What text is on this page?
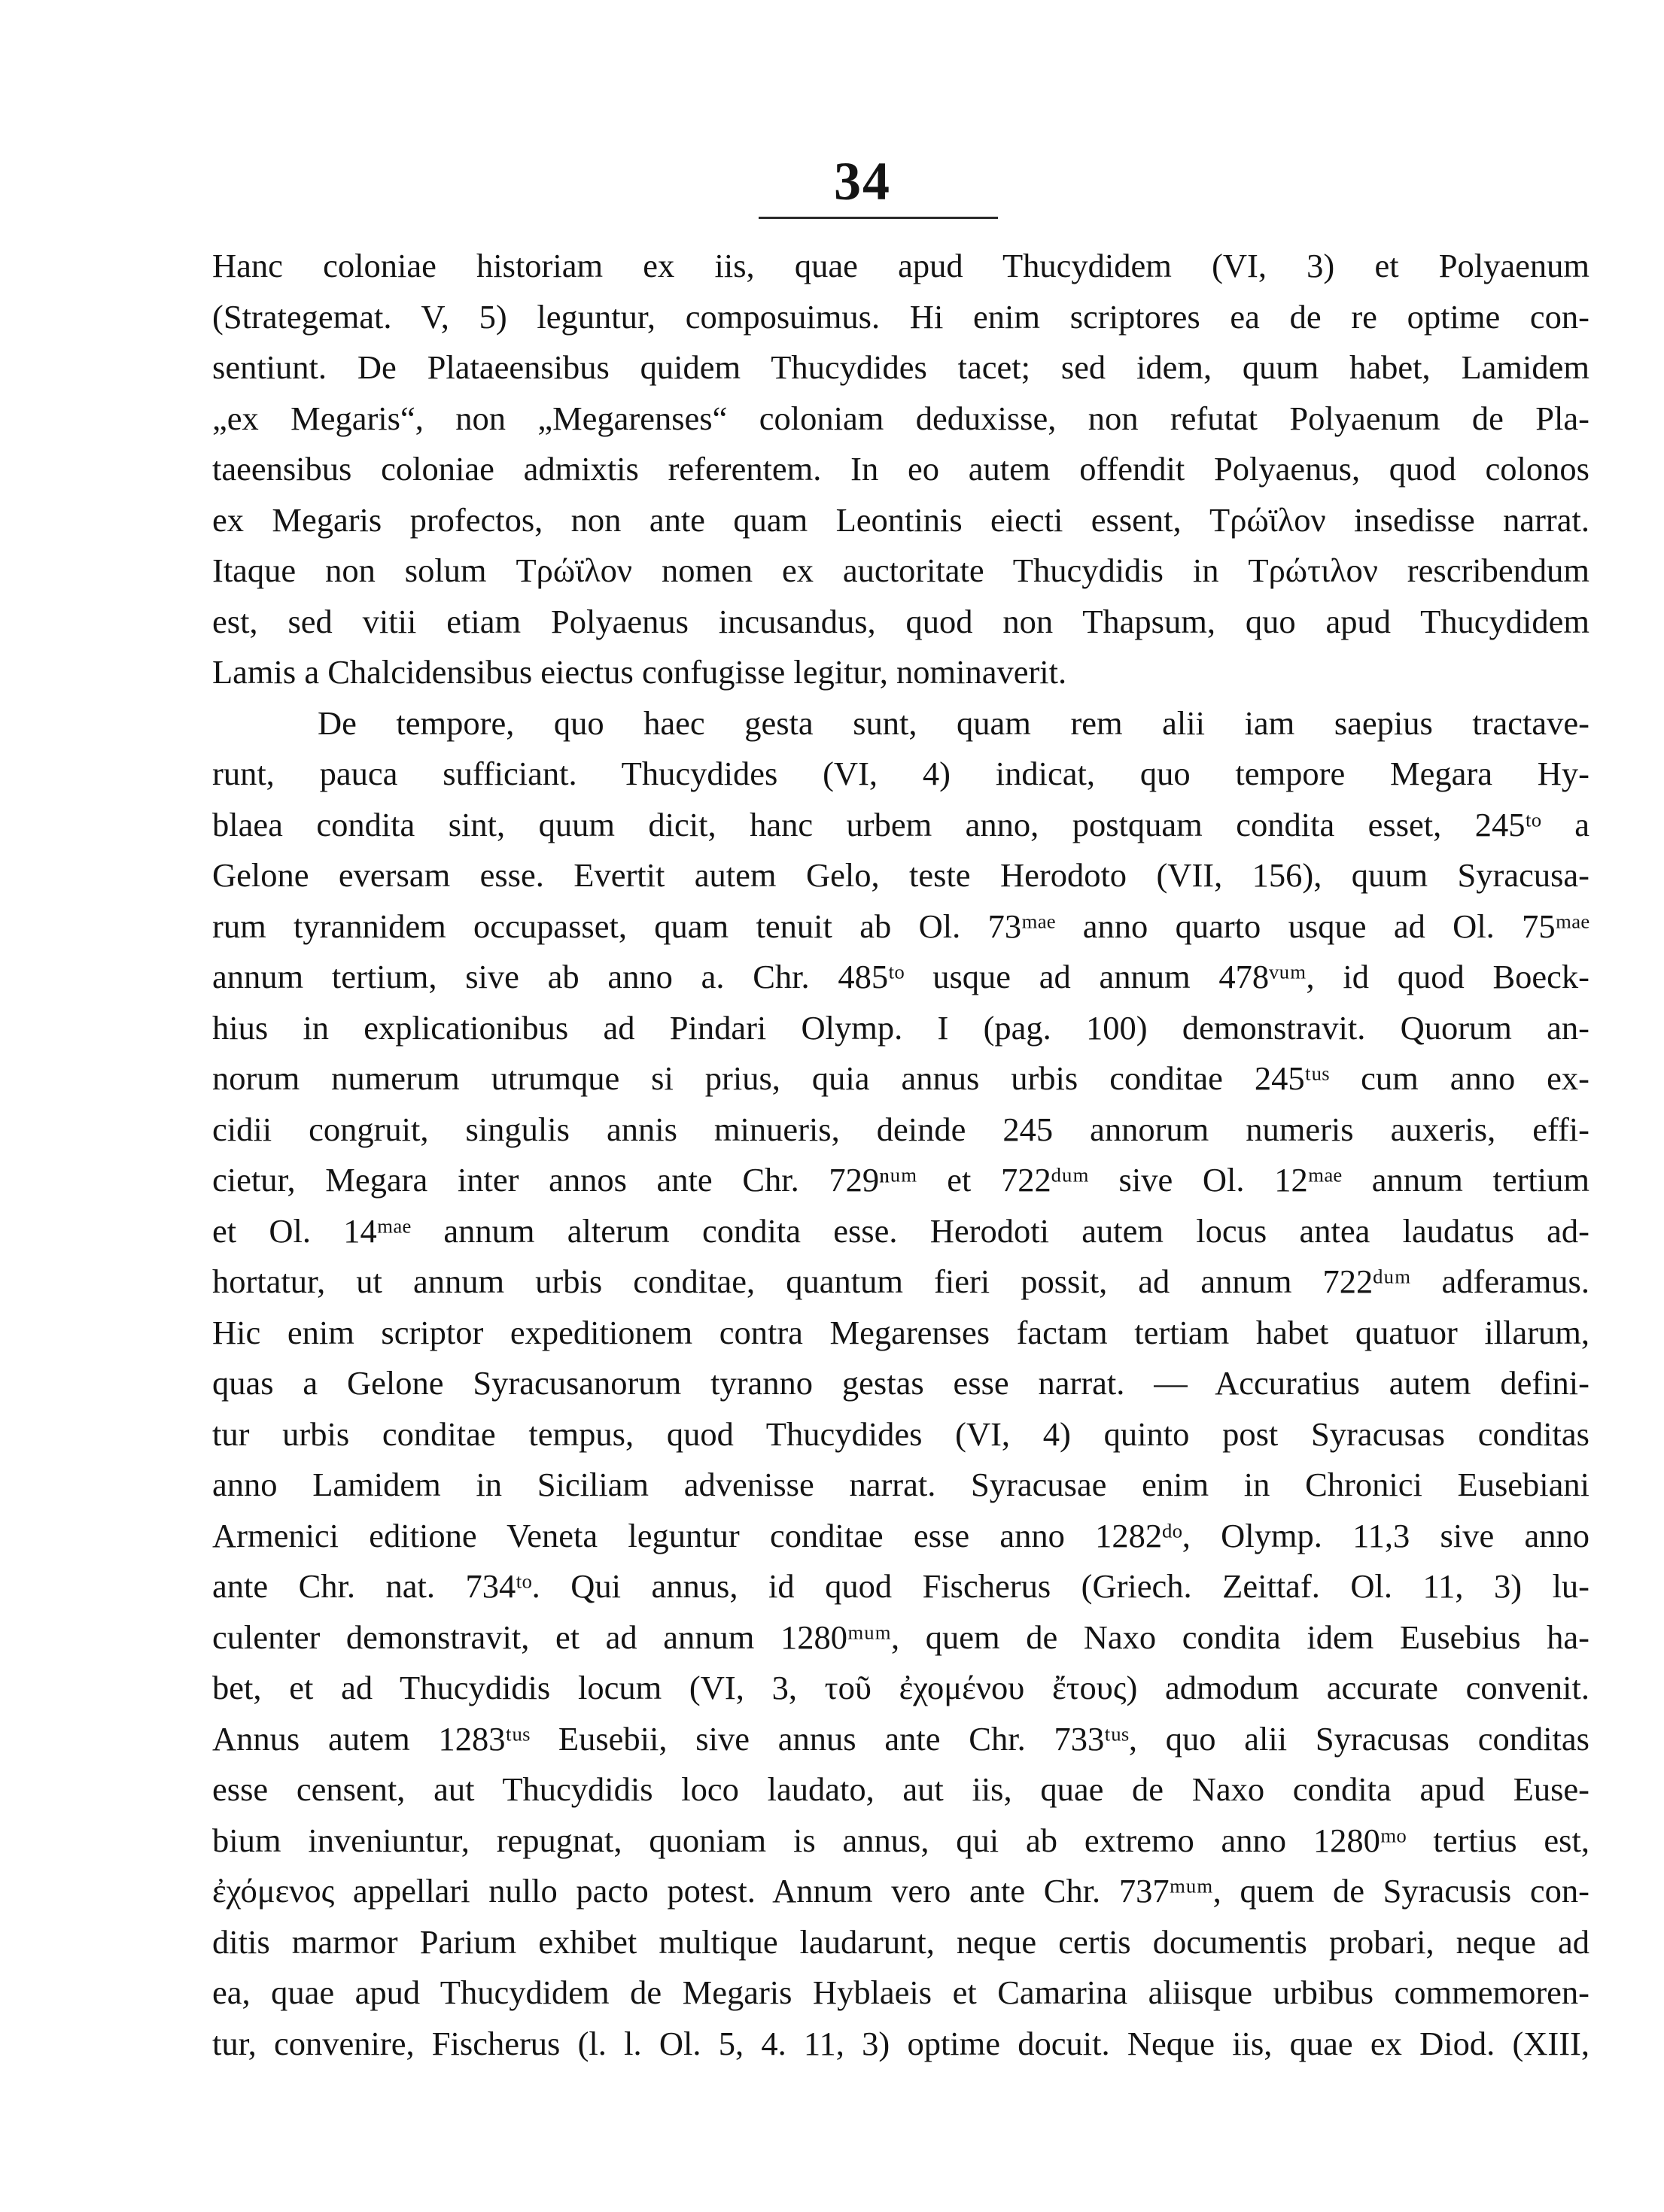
34
Hanc coloniae historiam ex iis, quae apud Thucydidem (VI, 3) et Polyaenum
(Strategemat. V, 5) leguntur, composuimus. Hi enim scriptores ea de re optime con-
sentiunt. De Plataeensibus quidem Thucydides tacet; sed idem, quum habet, Lamidem
„ex Megaris“, non „Megarenses“ coloniam deduxisse, non refutat Polyaenum de Pla-
taeensibus coloniae admixtis referentem. In eo autem offendit Polyaenus, quod colonos
ex Megaris profectos, non ante quam Leontinis eiecti essent, Τρώϊλον insedisse narrat.
Itaque non solum Τρώϊλον nomen ex auctoritate Thucydidis in Τρώτιλον rescribendum
est, sed vitii etiam Polyaenus incusandus, quod non Thapsum, quo apud Thucydidem
Lamis a Chalcidensibus eiectus confugisse legitur, nominaverit.
De tempore, quo haec gesta sunt, quam rem alii iam saepius tractave-
runt, pauca sufficiant. Thucydides (VI, 4) indicat, quo tempore Megara Hy-
blaea condita sint, quum dicit, hanc urbem anno, postquam condita esset, 245ᵗᵒ a
Gelone eversam esse. Evertit autem Gelo, teste Herodoto (VII, 156), quum Syracusa-
rum tyrannidem occupasset, quam tenuit ab Ol. 73ᵐᵃᵉ anno quarto usque ad Ol. 75ᵐᵃᵉ
annum tertium, sive ab anno a. Chr. 485ᵗᵒ usque ad annum 478ᵛᵘᵐ, id quod Boeck-
hius in explicationibus ad Pindari Olymp. I (pag. 100) demonstravit. Quorum an-
norum numerum utrumque si prius, quia annus urbis conditae 245ᵗᵘˢ cum anno ex-
cidii congruit, singulis annis minueris, deinde 245 annorum numeris auxeris, effi-
cietur, Megara inter annos ante Chr. 729ⁿᵘᵐ et 722ᵈᵘᵐ sive Ol. 12ᵐᵃᵉ annum tertium
et Ol. 14ᵐᵃᵉ annum alterum condita esse. Herodoti autem locus antea laudatus ad-
hortatur, ut annum urbis conditae, quantum fieri possit, ad annum 722ᵈᵘᵐ adferamus.
Hic enim scriptor expeditionem contra Megarenses factam tertiam habet quatuor illarum,
quas a Gelone Syracusanorum tyranno gestas esse narrat. — Accuratius autem defini-
tur urbis conditae tempus, quod Thucydides (VI, 4) quinto post Syracusas conditas
anno Lamidem in Siciliam advenisse narrat. Syracusae enim in Chronici Eusebiani
Armenici editione Veneta leguntur conditae esse anno 1282ᵈᵒ, Olymp. 11,3 sive anno
ante Chr. nat. 734ᵗᵒ. Qui annus, id quod Fischerus (Griech. Zeittaf. Ol. 11, 3) lu-
culenter demonstravit, et ad annum 1280ᵐᵘᵐ, quem de Naxo condita idem Eusebius ha-
bet, et ad Thucydidis locum (VI, 3, τοῦ ἐχομένου ἔτους) admodum accurate convenit.
Annus autem 1283ᵗᵘˢ Eusebii, sive annus ante Chr. 733ᵗᵘˢ, quo alii Syracusas conditas
esse censent, aut Thucydidis loco laudato, aut iis, quae de Naxo condita apud Euse-
bium inveniuntur, repugnat, quoniam is annus, qui ab extremo anno 1280ᵐᵒ tertius est,
ἐχόμενος appellari nullo pacto potest. Annum vero ante Chr. 737ᵐᵘᵐ, quem de Syracusis con-
ditis marmor Parium exhibet multique laudarunt, neque certis documentis probari, neque ad
ea, quae apud Thucydidem de Megaris Hyblaeis et Camarina aliisque urbibus commemoren-
tur, convenire, Fischerus (l. l. Ol. 5, 4. 11, 3) optime docuit. Neque iis, quae ex Diod. (XIII,
